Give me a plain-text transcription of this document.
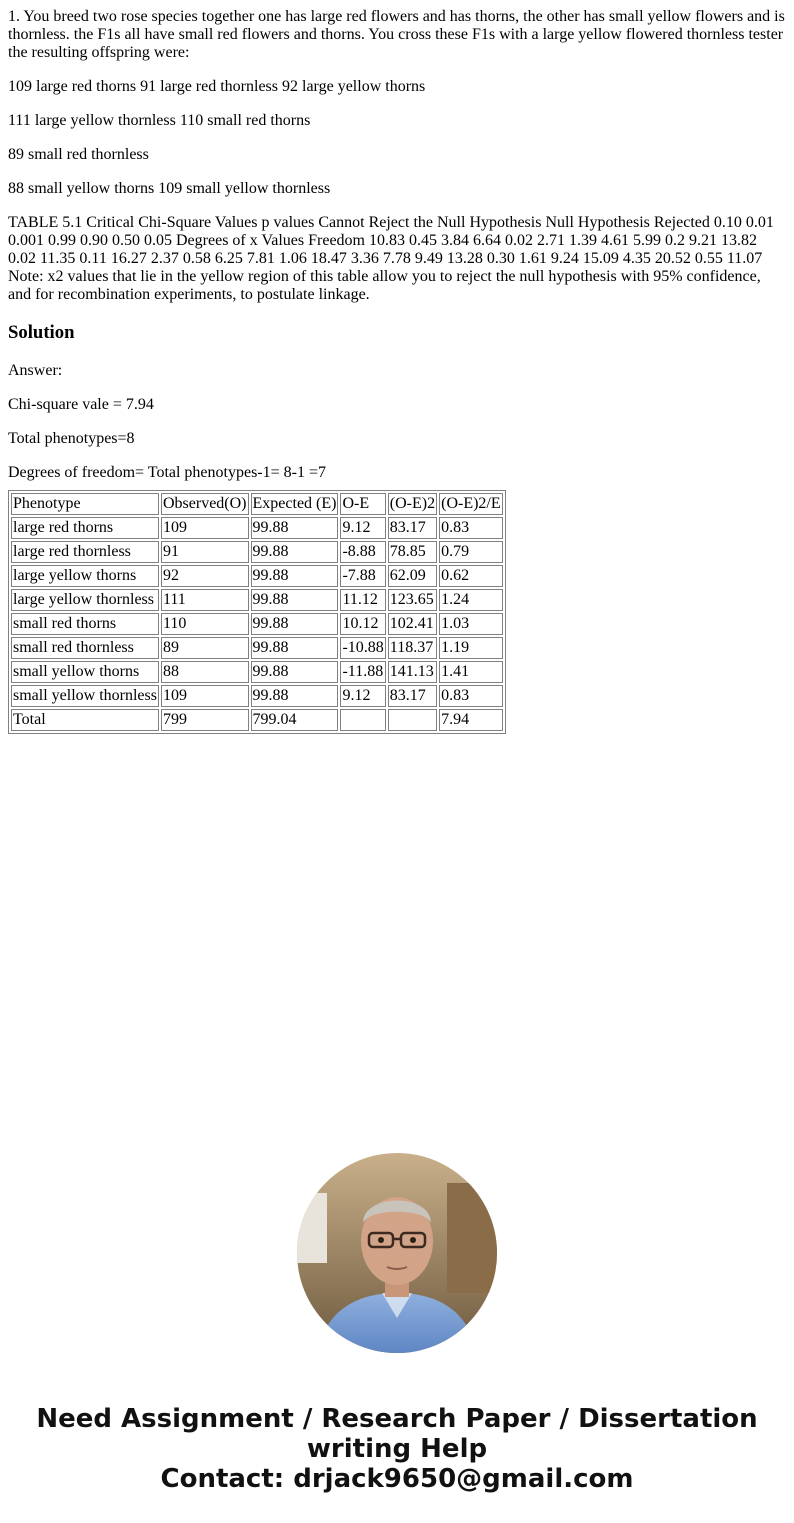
1. You breed two rose species together one has large red flowers and has thorns, the other has small yellow flowers and is thornless. the F1s all have small red flowers and thorns. You cross these F1s with a large yellow flowered thornless tester the resulting offspring were:

109 large red thorns 91 large red thornless 92 large yellow thorns

111 large yellow thornless 110 small red thorns

89 small red thornless

88 small yellow thorns 109 small yellow thornless

TABLE 5.1 Critical Chi-Square Values p values Cannot Reject the Null Hypothesis Null Hypothesis Rejected 0.10 0.01 0.001 0.99 0.90 0.50 0.05 Degrees of x Values Freedom 10.83 0.45 3.84 6.64 0.02 2.71 1.39 4.61 5.99 0.2 9.21 13.82 0.02 11.35 0.11 16.27 2.37 0.58 6.25 7.81 1.06 18.47 3.36 7.78 9.49 13.28 0.30 1.61 9.24 15.09 4.35 20.52 0.55 11.07 Note: x2 values that lie in the yellow region of this table allow you to reject the null hypothesis with 95% confidence, and for recombination experiments, to postulate linkage.

Solution

Answer:

Chi-square vale = 7.94

Total phenotypes=8

Degrees of freedom= Total phenotypes-1= 8-1 =7

Phenotype	Observed(O)	Expected (E)	O-E	(O-E)2	(O-E)2/E
large red thorns	109	99.88	9.12	83.17	0.83
large red thornless	91	99.88	-8.88	78.85	0.79
large yellow thorns	92	99.88	-7.88	62.09	0.62
large yellow thornless	111	99.88	11.12	123.65	1.24
small red thorns	110	99.88	10.12	102.41	1.03
small red thornless	89	99.88	-10.88	118.37	1.19
small yellow thorns	88	99.88	-11.88	141.13	1.41
small yellow thornless	109	99.88	9.12	83.17	0.83
Total	799	799.04			7.94
Need Assignment / Research Paper / Dissertation
writing Help
Contact: drjack9650@gmail.com
